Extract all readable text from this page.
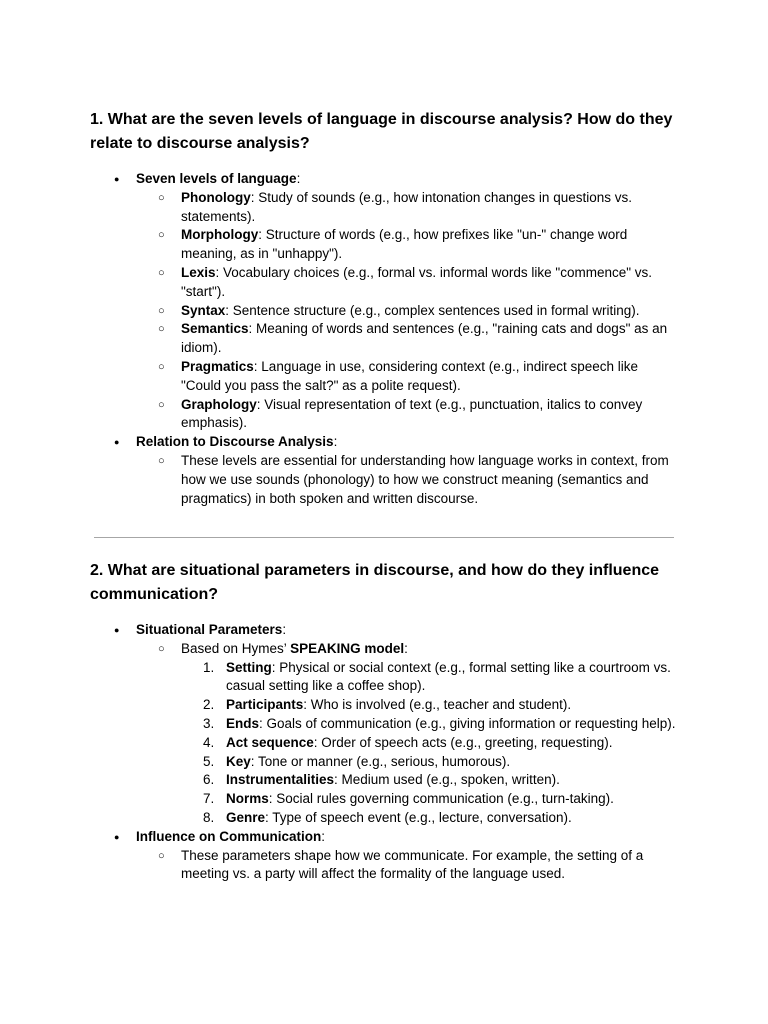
1. What are the seven levels of language in discourse analysis? How do they relate to discourse analysis?
● Seven levels of language:
○ Phonology: Study of sounds (e.g., how intonation changes in questions vs. statements).
○ Morphology: Structure of words (e.g., how prefixes like "un-" change word meaning, as in "unhappy").
○ Lexis: Vocabulary choices (e.g., formal vs. informal words like "commence" vs. "start").
○ Syntax: Sentence structure (e.g., complex sentences used in formal writing).
○ Semantics: Meaning of words and sentences (e.g., "raining cats and dogs" as an idiom).
○ Pragmatics: Language in use, considering context (e.g., indirect speech like "Could you pass the salt?" as a polite request).
○ Graphology: Visual representation of text (e.g., punctuation, italics to convey emphasis).
● Relation to Discourse Analysis:
○ These levels are essential for understanding how language works in context, from how we use sounds (phonology) to how we construct meaning (semantics and pragmatics) in both spoken and written discourse.
2. What are situational parameters in discourse, and how do they influence communication?
● Situational Parameters:
○ Based on Hymes’ SPEAKING model:
1. Setting: Physical or social context (e.g., formal setting like a courtroom vs. casual setting like a coffee shop).
2. Participants: Who is involved (e.g., teacher and student).
3. Ends: Goals of communication (e.g., giving information or requesting help).
4. Act sequence: Order of speech acts (e.g., greeting, requesting).
5. Key: Tone or manner (e.g., serious, humorous).
6. Instrumentalities: Medium used (e.g., spoken, written).
7. Norms: Social rules governing communication (e.g., turn-taking).
8. Genre: Type of speech event (e.g., lecture, conversation).
● Influence on Communication:
○ These parameters shape how we communicate. For example, the setting of a meeting vs. a party will affect the formality of the language used.
